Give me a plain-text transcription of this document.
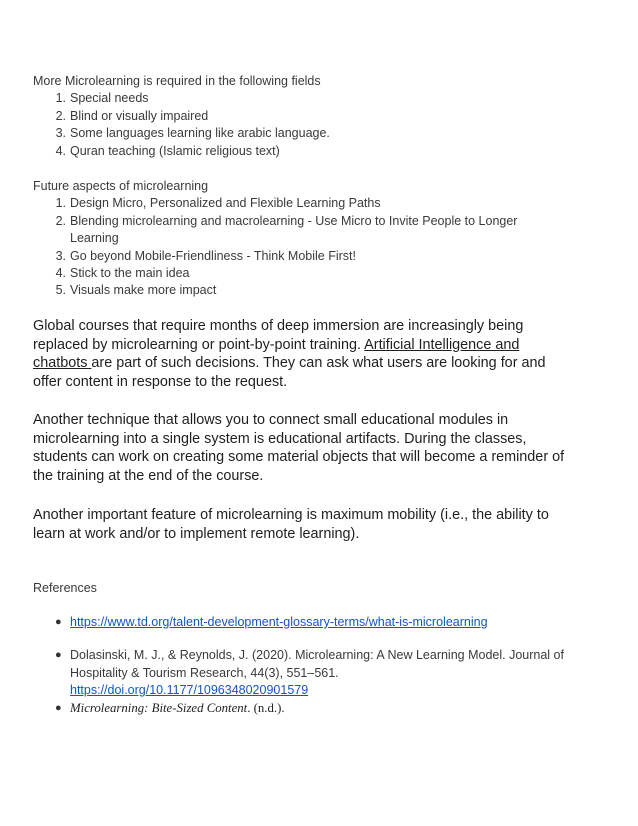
More Microlearning is required in the following fields

1. Special needs
2. Blind or visually impaired
3. Some languages learning like arabic language.
4. Quran teaching (Islamic religious text)

Future aspects of microlearning

1. Design Micro, Personalized and Flexible Learning Paths
2. Blending microlearning and macrolearning - Use Micro to Invite People to Longer Learning
3. Go beyond Mobile-Friendliness - Think Mobile First!
4. Stick to the main idea
5. Visuals make more impact

Global courses that require months of deep immersion are increasingly being replaced by microlearning or point-by-point training. Artificial Intelligence and chatbots are part of such decisions. They can ask what users are looking for and offer content in response to the request.

Another technique that allows you to connect small educational modules in microlearning into a single system is educational artifacts. During the classes, students can work on creating some material objects that will become a reminder of the training at the end of the course.

Another important feature of microlearning is maximum mobility (i.e., the ability to learn at work and/or to implement remote learning).

References

● https://www.td.org/talent-development-glossary-terms/what-is-microlearning
● Dolasinski, M. J., & Reynolds, J. (2020). Microlearning: A New Learning Model. Journal of Hospitality & Tourism Research, 44(3), 551–561.
https://doi.org/10.1177/1096348020901579
● Microlearning: Bite-Sized Content. (n.d.).
